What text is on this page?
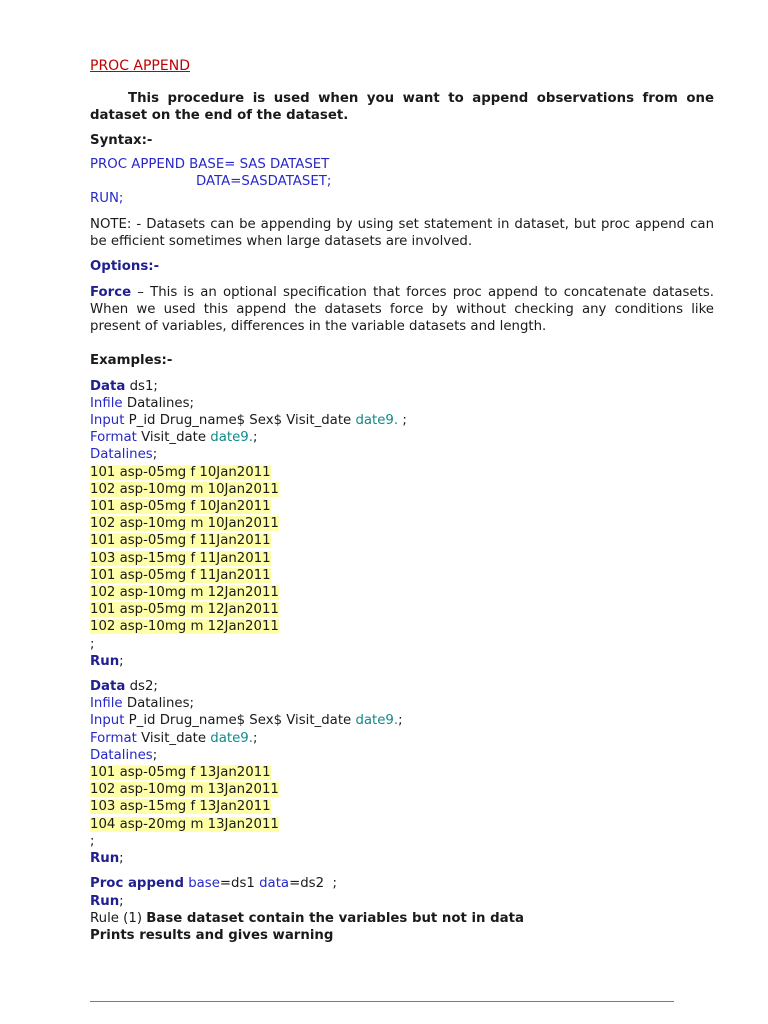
PROC APPEND
This procedure is used when you want to append observations from one dataset on the end of the dataset.
Syntax:-
PROC APPEND BASE= SAS DATASET
DATA=SASDATASET;
RUN;
NOTE: - Datasets can be appending by using set statement in dataset, but proc append can be efficient sometimes when large datasets are involved.
Options:-
Force – This is an optional specification that forces proc append to concatenate datasets. When we used this append the datasets force by without checking any conditions like present of variables, differences in the variable datasets and length.
Examples:-
Data ds1;
Infile Datalines;
Input P_id Drug_name$ Sex$ Visit_date date9. ;
Format Visit_date date9.;
Datalines;
101 asp-05mg f 10Jan2011
102 asp-10mg m 10Jan2011
101 asp-05mg f 10Jan2011
102 asp-10mg m 10Jan2011
101 asp-05mg f 11Jan2011
103 asp-15mg f 11Jan2011
101 asp-05mg f 11Jan2011
102 asp-10mg m 12Jan2011
101 asp-05mg m 12Jan2011
102 asp-10mg m 12Jan2011
;
Run;
Data ds2;
Infile Datalines;
Input P_id Drug_name$ Sex$ Visit_date date9.;
Format Visit_date date9.;
Datalines;
101 asp-05mg f 13Jan2011
102 asp-10mg m 13Jan2011
103 asp-15mg f 13Jan2011
104 asp-20mg m 13Jan2011
;
Run;
Proc append base=ds1 data=ds2  ;
Run;
Rule (1) Base dataset contain the variables but not in data
Prints results and gives warning
